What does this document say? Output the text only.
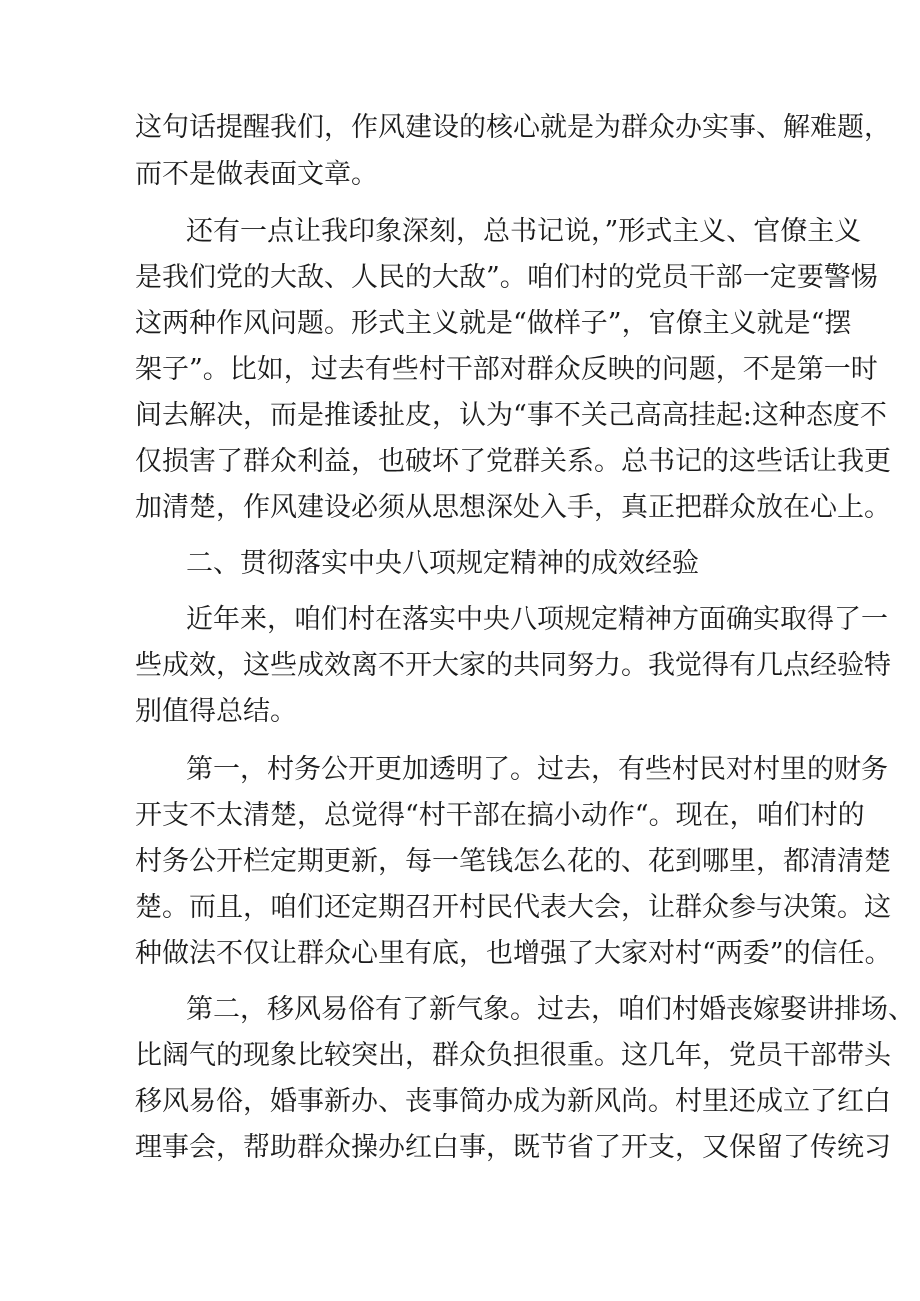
这句话提醒我们，作风建设的核心就是为群众办实事、解难题，
而不是做表面文章。
还有一点让我印象深刻，总书记说，”形式主义、官僚主义
是我们党的大敌、人民的大敌”。咱们村的党员干部一定要警惕
这两种作风问题。形式主义就是“做样子”，官僚主义就是“摆
架子”。比如，过去有些村干部对群众反映的问题，不是第一时
间去解决，而是推诿扯皮，认为“事不关己高高挂起:这种态度不
仅损害了群众利益，也破坏了党群关系。总书记的这些话让我更
加清楚，作风建设必须从思想深处入手，真正把群众放在心上。
二、贯彻落实中央八项规定精神的成效经验
近年来，咱们村在落实中央八项规定精神方面确实取得了一
些成效，这些成效离不开大家的共同努力。我觉得有几点经验特
别值得总结。
第一，村务公开更加透明了。过去，有些村民对村里的财务
开支不太清楚，总觉得“村干部在搞小动作“。现在，咱们村的
村务公开栏定期更新，每一笔钱怎么花的、花到哪里，都清清楚
楚。而且，咱们还定期召开村民代表大会，让群众参与决策。这
种做法不仅让群众心里有底，也增强了大家对村“两委”的信任。
第二，移风易俗有了新气象。过去，咱们村婚丧嫁娶讲排场、
比阔气的现象比较突出，群众负担很重。这几年，党员干部带头
移风易俗，婚事新办、丧事简办成为新风尚。村里还成立了红白
理事会，帮助群众操办红白事，既节省了开支，又保留了传统习
